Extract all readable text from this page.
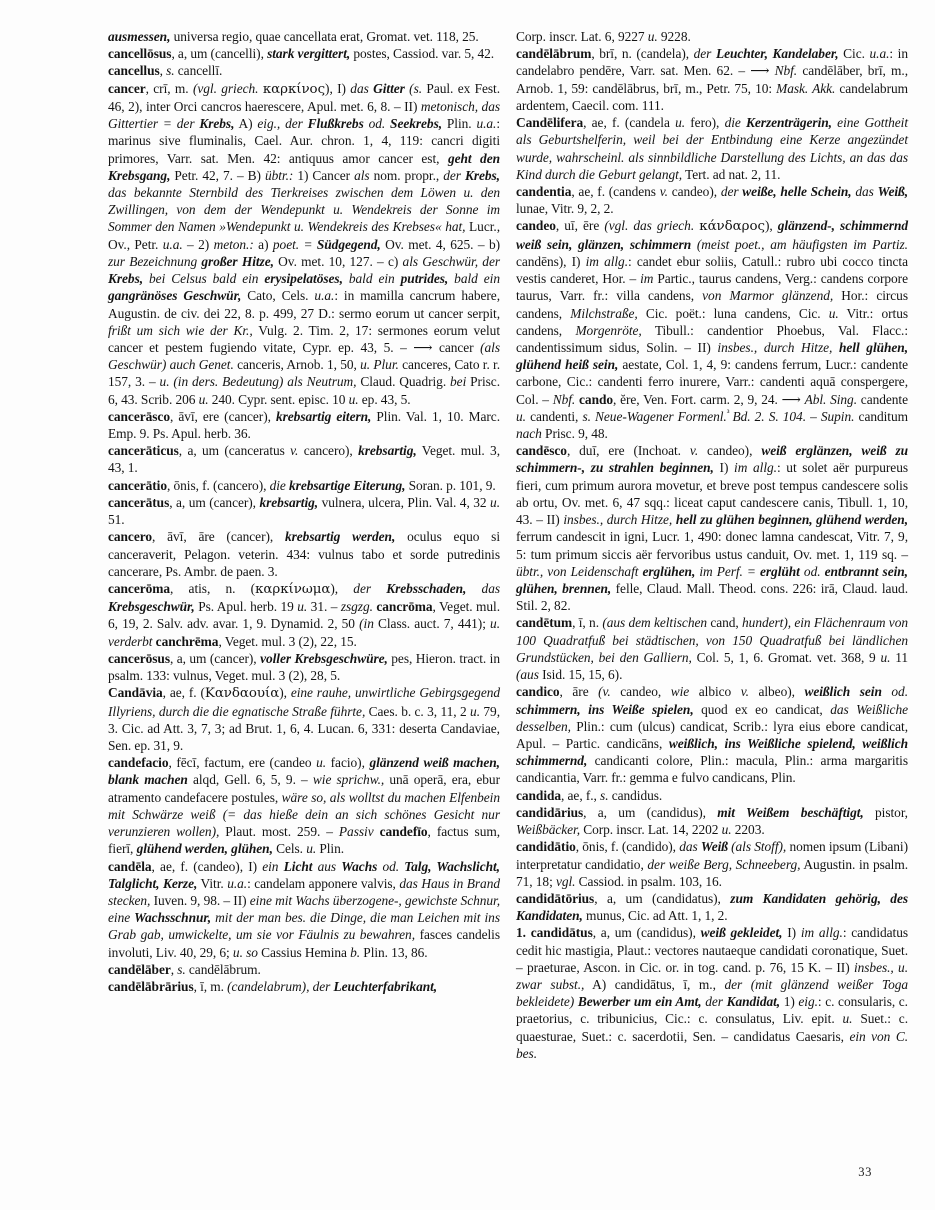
ausmessen, universa regio, quae cancellata erat, Gromat. vet. 118, 25.

cancellōsus, a, um (cancelli), stark vergittert, postes, Cassiod. var. 5, 42.

cancellus, s. cancellī.

cancer, crī, m. (vgl. griech. καρκίνος), I) das Gitter (s. Paul. ex Fest. 46, 2), inter Orci cancros haerescere, Apul. met. 6, 8. – II) metonisch, das Gittertier = der Krebs, A) eig., der Flußkrebs od. Seekrebs, Plin. u.a.: marinus sive fluminalis, Cael. Aur. chron. 1, 4, 119: cancri digiti primores, Varr. sat. Men. 42: antiquus amor cancer est, geht den Krebsgang, Petr. 42, 7. – B) übtr.: 1) Cancer als nom. propr., der Krebs, das bekannte Sternbild des Tierkreises zwischen dem Löwen u. den Zwillingen, von dem der Wendepunkt u. Wendekreis der Sonne im Sommer den Namen »Wendepunkt u. Wendekreis des Krebses« hat, Lucr., Ov., Petr. u.a. – 2) meton.: a) poet. = Südgegend, Ov. met. 4, 625. – b) zur Bezeichnung großer Hitze, Ov. met. 10, 127. – c) als Geschwür, der Krebs, bei Celsus bald ein erysipelatöses, bald ein putrides, bald ein gangränöses Geschwür, Cato, Cels. u.a.: in mamilla cancrum habere, Augustin. de civ. dei 22, 8. p. 499, 27 D.: sermo eorum ut cancer serpit, frißt um sich wie der Kr., Vulg. 2. Tim. 2, 17: sermones eorum velut cancer et pestem fugiendo vitate, Cypr. ep. 43, 5. – ⟶ cancer (als Geschwür) auch Genet. canceris, Arnob. 1, 50, u. Plur. canceres, Cato r. r. 157, 3. – u. (in ders. Bedeutung) als Neutrum, Claud. Quadrig. bei Prisc. 6, 43. Scrib. 206 u. 240. Cypr. sent. episc. 10 u. ep. 43, 5.

cancerāsco, āvī, ere (cancer), krebsartig eitern, Plin. Val. 1, 10. Marc. Emp. 9. Ps. Apul. herb. 36.

cancerāticus, a, um (canceratus v. cancero), krebsartig, Veget. mul. 3, 43, 1.

cancerātio, ōnis, f. (cancero), die krebsartige Eiterung, Soran. p. 101, 9.

cancerātus, a, um (cancer), krebsartig, vulnera, ulcera, Plin. Val. 4, 32 u. 51.

cancero, āvī, āre (cancer), krebsartig werden, oculus equo si canceraverit, Pelagon. veterin. 434: vulnus tabo et sorde putredinis cancerare, Ps. Ambr. de paen. 3.

cancerōma, atis, n. (καρκίνωμα), der Krebsschaden, das Krebsgeschwür, Ps. Apul. herb. 19 u. 31. – zsgzg. cancrōma, Veget. mul. 6, 19, 2. Salv. adv. avar. 1, 9. Dynamid. 2, 50 (in Class. auct. 7, 441); u. verderbt canchrēma, Veget. mul. 3 (2), 22, 15.

cancerōsus, a, um (cancer), voller Krebsgeschwüre, pes, Hieron. tract. in psalm. 133: vulnus, Veget. mul. 3 (2), 28, 5.

Candāvia, ae, f. (Κανδαουία), eine rauhe, unwirtliche Gebirgsgegend Illyriens, durch die die egnatische Straße führte, Caes. b. c. 3, 11, 2 u. 79, 3. Cic. ad Att. 3, 7, 3; ad Brut. 1, 6, 4. Lucan. 6, 331: deserta Candaviae, Sen. ep. 31, 9.

candefacio, fēcī, factum, ere (candeo u. facio), glänzend weiß machen, blank machen alqd, Gell. 6, 5, 9. – wie sprichw., unā operā, era, ebur atramento candefacere postules, wäre so, als wolltst du machen Elfenbein mit Schwärze weiß (= das hieße dein an sich schönes Gesicht nur verunzieren wollen), Plaut. most. 259. – Passiv candefīo, factus sum, fierī, glühend werden, glühen, Cels. u. Plin.

candēla, ae, f. (candeo), I) ein Licht aus Wachs od. Talg, Wachslicht, Talglicht, Kerze, Vitr. u.a.: candelam apponere valvis, das Haus in Brand stecken, Iuven. 9, 98. – II) eine mit Wachs überzogene-, gewichste Schnur, eine Wachsschnur, mit der man bes. die Dinge, die man Leichen mit ins Grab gab, umwickelte, um sie vor Fäulnis zu bewahren, fasces candelis involuti, Liv. 40, 29, 6; u. so Cassius Hemina b. Plin. 13, 86.

candēlāber, s. candēlābrum.

candēlābrārius, ī, m. (candelabrum), der Leuchterfabrikant,

Corp. inscr. Lat. 6, 9227 u. 9228.

candēlābrum, brī, n. (candela), der Leuchter, Kandelaber, Cic. u.a.: in candelabro pendēre, Varr. sat. Men. 62. – ⟶ Nbf. candēlāber, brī, m., Arnob. 1, 59: candēlābrus, brī, m., Petr. 75, 10: Mask. Akk. candelabrum ardentem, Caecil. com. 111.

Candēlifera, ae, f. (candela u. fero), die Kerzenträgerin, eine Gottheit als Geburtshelferin, weil bei der Entbindung eine Kerze angezündet wurde, wahrscheinl. als sinnbildliche Darstellung des Lichts, an das das Kind durch die Geburt gelangt, Tert. ad nat. 2, 11.

candentia, ae, f. (candens v. candeo), der weiße, helle Schein, das Weiß, lunae, Vitr. 9, 2, 2.

candeo, uī, ēre (vgl. das griech. κάνδαρος), glänzend-, schimmernd weiß sein, glänzen, schimmern (meist poet., am häufigsten im Partiz. candēns), I) im allg.: candet ebur soliis, Catull.: rubro ubi cocco tincta vestis canderet, Hor. – im Partic., taurus candens, Verg.: candens corpore taurus, Varr. fr.: villa candens, von Marmor glänzend, Hor.: circus candens, Milchstraße, Cic. poët.: luna candens, Cic. u. Vitr.: ortus candens, Morgenröte, Tibull.: candentior Phoebus, Val. Flacc.: candentissimum sidus, Solin. – II) insbes., durch Hitze, hell glühen, glühend heiß sein, aestate, Col. 1, 4, 9: candens ferrum, Lucr.: candente carbone, Cic.: candenti ferro inurere, Varr.: candenti aquā conspergere, Col. – Nbf. cando, ĕre, Ven. Fort. carm. 2, 9, 24. ⟶ Abl. Sing. candente u. candenti, s. Neue-Wagener Formenl.$^{^3}$ Bd. 2. S. 104. – Supin. canditum nach Prisc. 9, 48.

candēsco, duī, ere (Inchoat. v. candeo), weiß erglänzen, weiß zu schimmern-, zu strahlen beginnen, I) im allg.: ut solet aër purpureus fieri, cum primum aurora movetur, et breve post tempus candescere solis ab ortu, Ov. met. 6, 47 sqq.: liceat caput candescere canis, Tibull. 1, 10, 43. – II) insbes., durch Hitze, hell zu glühen beginnen, glühend werden, ferrum candescit in igni, Lucr. 1, 490: donec lamna candescat, Vitr. 7, 9, 5: tum primum siccis aër fervoribus ustus canduit, Ov. met. 1, 119 sq. – übtr., von Leidenschaft erglühen, im Perf. = erglüht od. entbrannt sein, glühen, brennen, felle, Claud. Mall. Theod. cons. 226: irā, Claud. laud. Stil. 2, 82.

candētum, ī, n. (aus dem keltischen cand, hundert), ein Flächenraum von 100 Quadratfuß bei städtischen, von 150 Quadratfuß bei ländlichen Grundstücken, bei den Galliern, Col. 5, 1, 6. Gromat. vet. 368, 9 u. 11 (aus Isid. 15, 15, 6).

candico, āre (v. candeo, wie albico v. albeo), weißlich sein od. schimmern, ins Weiße spielen, quod ex eo candicat, das Weißliche desselben, Plin.: cum (ulcus) candicat, Scrib.: lyra eius ebore candicat, Apul. – Partic. candicāns, weißlich, ins Weißliche spielend, weißlich schimmernd, candicanti colore, Plin.: macula, Plin.: arma margaritis candicantia, Varr. fr.: gemma e fulvo candicans, Plin.

candida, ae, f., s. candidus.

candidārius, a, um (candidus), mit Weißem beschäftigt, pistor, Weißbäcker, Corp. inscr. Lat. 14, 2202 u. 2203.

candidātio, ōnis, f. (candido), das Weiß (als Stoff), nomen ipsum (Libani) interpretatur candidatio, der weiße Berg, Schneeberg, Augustin. in psalm. 71, 18; vgl. Cassiod. in psalm. 103, 16.

candidātōrius, a, um (candidatus), zum Kandidaten gehörig, des Kandidaten, munus, Cic. ad Att. 1, 1, 2.

1. candidātus, a, um (candidus), weiß gekleidet, I) im allg.: candidatus cedit hic mastigia, Plaut.: vectores nautaeque candidati coronatique, Suet. – praeturae, Ascon. in Cic. or. in tog. cand. p. 76, 15 K. – II) insbes., u. zwar subst., A) candidātus, ī, m., der (mit glänzend weißer Toga bekleidete) Bewerber um ein Amt, der Kandidat, 1) eig.: c. consularis, c. praetorius, c. tribunicius, Cic.: c. consulatus, Liv. epit. u. Suet.: c. quaesturae, Suet.: c. sacerdotii, Sen. – candidatus Caesaris, ein von C. bes.

33
